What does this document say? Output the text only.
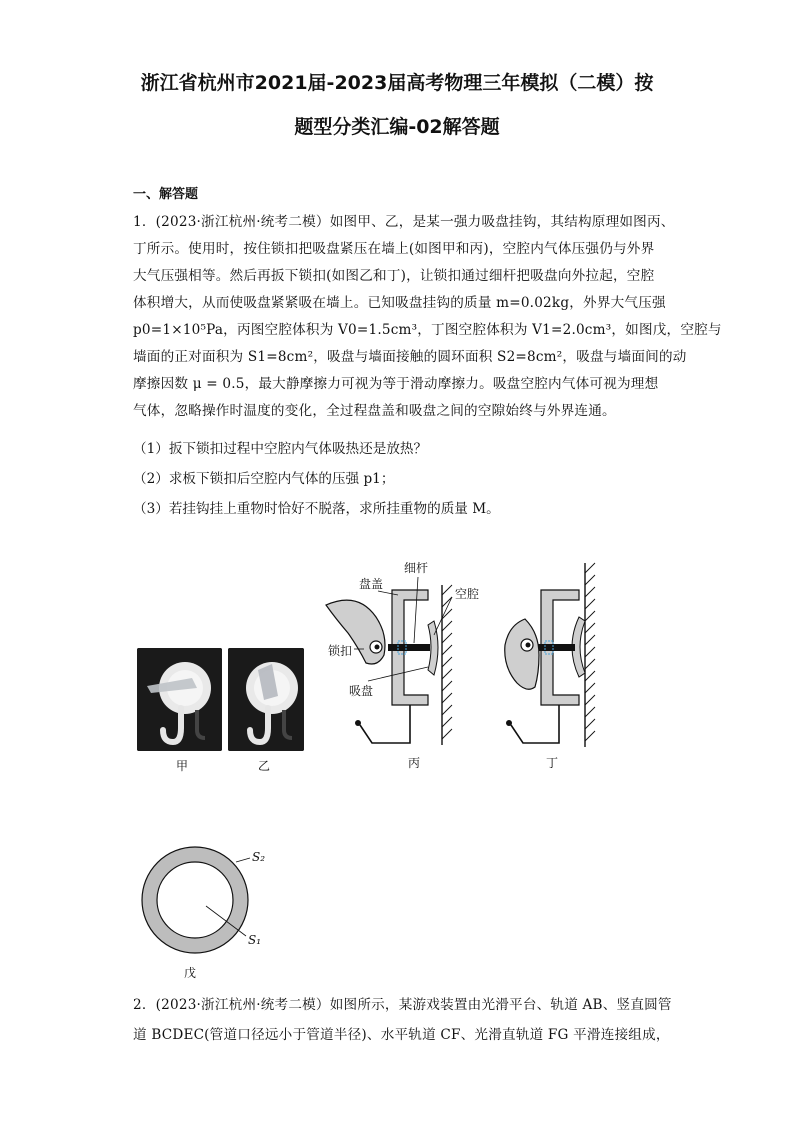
浙江省杭州市2021届-2023届高考物理三年模拟（二模）按
题型分类汇编-02解答题
一、解答题
1．(2023·浙江杭州·统考二模）如图甲、乙，是某一强力吸盘挂钩，其结构原理如图丙、
丁所示。使用时，按住锁扣把吸盘紧压在墙上(如图甲和丙)，空腔内气体压强仍与外界
大气压强相等。然后再扳下锁扣(如图乙和丁)，让锁扣通过细杆把吸盘向外拉起，空腔
体积增大，从而使吸盘紧紧吸在墙上。已知吸盘挂钩的质量 m=0.02kg，外界大气压强
p0=1×10⁵Pa，丙图空腔体积为 V0=1.5cm³，丁图空腔体积为 V1=2.0cm³，如图戊，空腔与
墙面的正对面积为 S1=8cm²，吸盘与墙面接触的圆环面积 S2=8cm²，吸盘与墙面间的动
摩擦因数 μ = 0.5，最大静摩擦力可视为等于滑动摩擦力。吸盘空腔内气体可视为理想
气体，忽略操作时温度的变化，全过程盘盖和吸盘之间的空隙始终与外界连通。
（1）扳下锁扣过程中空腔内气体吸热还是放热？
（2）求板下锁扣后空腔内气体的压强 p1；
（3）若挂钩挂上重物时恰好不脱落，求所挂重物的质量 M。
甲	乙
盘盖
细杆
空腔
锁扣
吸盘
丙	丁
S₂
S₁
戊
2．(2023·浙江杭州·统考二模）如图所示，某游戏装置由光滑平台、轨道 AB、竖直圆管
道 BCDEC(管道口径远小于管道半径)、水平轨道 CF、光滑直轨道 FG 平滑连接组成，
